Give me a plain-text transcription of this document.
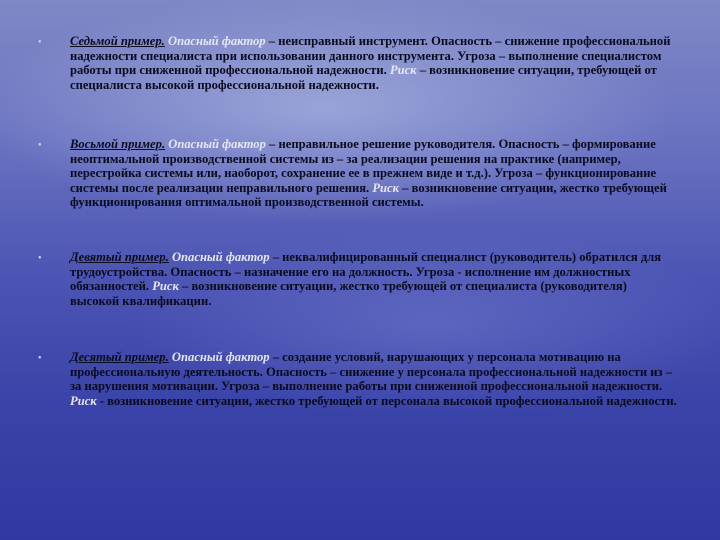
•	Седьмой пример. Опасный фактор – неисправный инструмент. Опасность – снижение профессиональной надежности специалиста при использовании данного инструмента. Угроза – выполнение специалистом работы при сниженной профессиональной надежности. Риск – возникновение ситуации, требующей от специалиста высокой профессиональной надежности.

•	Восьмой пример. Опасный фактор – неправильное решение руководителя. Опасность – формирование неоптимальной производственной системы из – за реализации решения на практике (например, перестройка системы или, наоборот, сохранение ее в прежнем виде и т.д.). Угроза – функционирование системы после реализации неправильного решения. Риск – возникновение ситуации, жестко требующей функционирования оптимальной производственной системы.

•	Девятый пример. Опасный фактор – неквалифицированный специалист (руководитель) обратился для трудоустройства. Опасность – назначение его на должность. Угроза - исполнение им должностных обязанностей. Риск – возникновение ситуации, жестко требующей от специалиста (руководителя) высокой квалификации.

•	Десятый пример. Опасный фактор – создание условий, нарушающих у персонала мотивацию на профессиональную деятельность. Опасность – снижение у персонала профессиональной надежности из – за нарушения мотивации. Угроза – выполнение работы при сниженной профессиональной надежности. Риск - возникновение ситуации, жестко требующей от персонала высокой профессиональной надежности.
